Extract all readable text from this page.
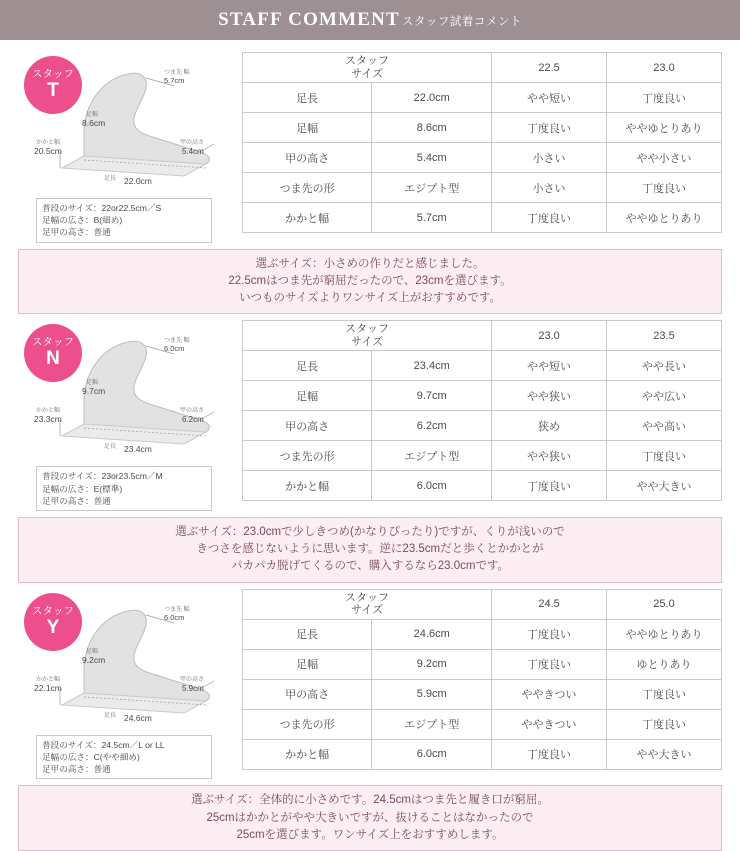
STAFF COMMENT スタッフ試着コメント
スタッフ
T
つま先 幅
5.7cm
足幅
8.6cm
かかと幅
20.5cm
甲の高さ
5.4cm
足長 22.0cm
普段のサイズ：22or22.5cm／S
足幅の広さ：B(細め)
足甲の高さ：普通
スタッフ
サイズ		22.5	23.0
足長	22.0cm	やや短い	丁度良い
足幅	8.6cm	丁度良い	ややゆとりあり
甲の高さ	5.4cm	小さい	やや小さい
つま先の形	エジプト型	小さい	丁度良い
かかと幅	5.7cm	丁度良い	ややゆとりあり
選ぶサイズ：小さめの作りだと感じました。
22.5cmはつま先が窮屈だったので、23cmを選びます。
いつものサイズよりワンサイズ上がおすすめです。
スタッフ
N
つま先 幅
6.0cm
足幅
9.7cm
かかと幅
23.3cm
甲の高さ
6.2cm
足長 23.4cm
普段のサイズ：23or23.5cm／M
足幅の広さ：E(標準)
足甲の高さ：普通
スタッフ
サイズ		23.0	23.5
足長	23.4cm	やや短い	やや長い
足幅	9.7cm	やや狭い	やや広い
甲の高さ	6.2cm	狭め	やや高い
つま先の形	エジプト型	やや狭い	丁度良い
かかと幅	6.0cm	丁度良い	やや大きい
選ぶサイズ：23.0cmで少しきつめ(かなりぴったり)ですが、くりが浅いので
きつさを感じないように思います。逆に23.5cmだと歩くとかかとが
パカパカ脱げてくるので、購入するなら23.0cmです。
スタッフ
Y
つま先 幅
6.0cm
足幅
9.2cm
かかと幅
22.1cm
甲の高さ
5.9cm
足長 24.6cm
普段のサイズ：24.5cm／L or LL
足幅の広さ：C(やや細め)
足甲の高さ：普通
スタッフ
サイズ		24.5	25.0
足長	24.6cm	丁度良い	ややゆとりあり
足幅	9.2cm	丁度良い	ゆとりあり
甲の高さ	5.9cm	ややきつい	丁度良い
つま先の形	エジプト型	ややきつい	丁度良い
かかと幅	6.0cm	丁度良い	やや大きい
選ぶサイズ：全体的に小さめです。24.5cmはつま先と履き口が窮屈。
25cmはかかとがやや大きいですが、抜けることはなかったので
25cmを選びます。ワンサイズ上をおすすめします。
